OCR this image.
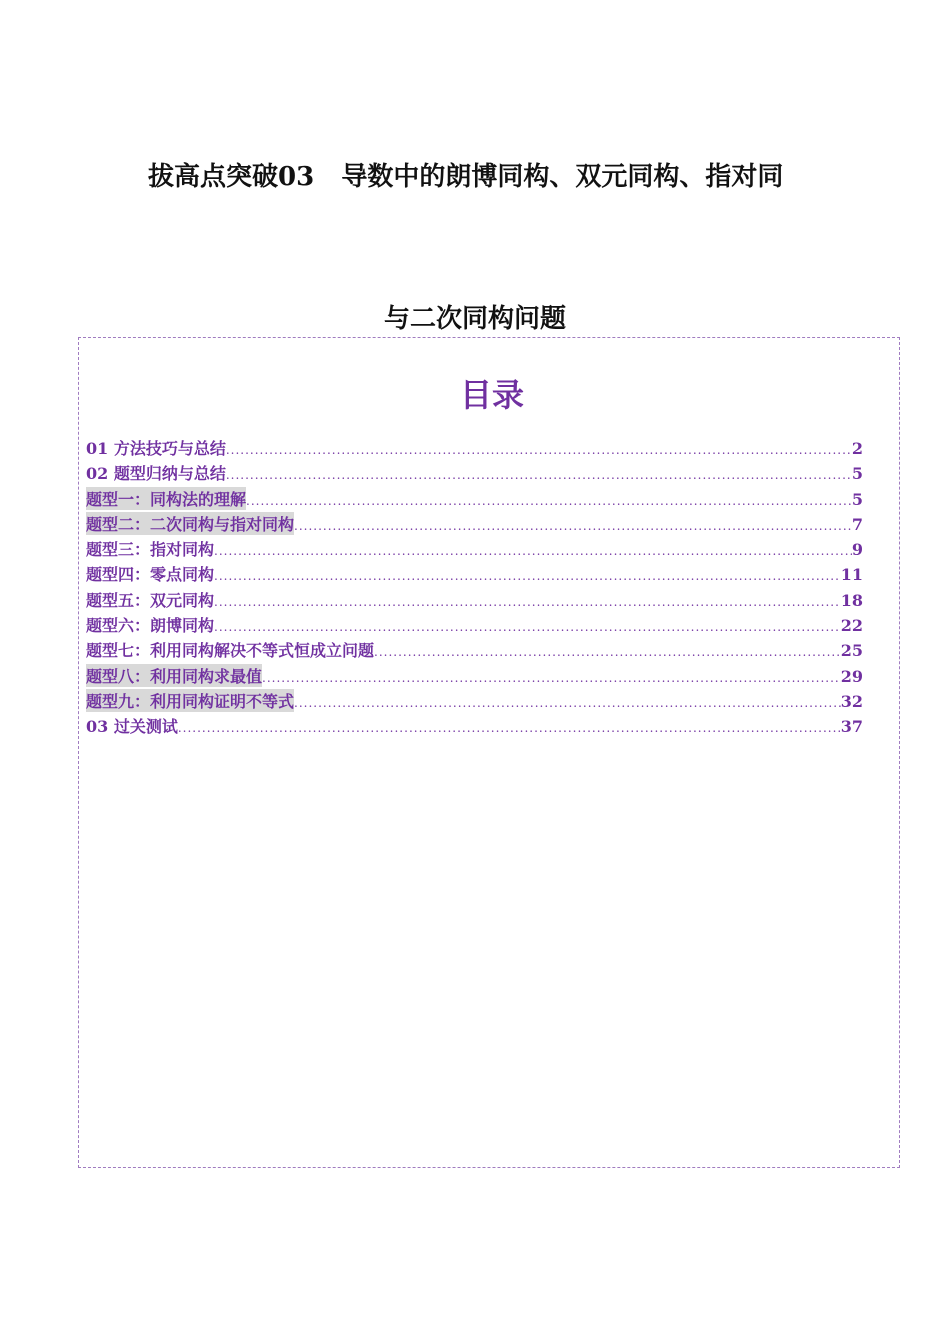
拔高点突破03 导数中的朗博同构、双元同构、指对同
与二次同构问题
目录
01 方法技巧与总结 .....	2
02 题型归纳与总结 .....	5
题型一：同构法的理解 .....	5
题型二：二次同构与指对同构 .....	7
题型三：指对同构 .....	9
题型四：零点同构 .....	11
题型五：双元同构 .....	18
题型六：朗博同构 .....	22
题型七：利用同构解决不等式恒成立问题 .....	25
题型八：利用同构求最值 .....	29
题型九：利用同构证明不等式 .....	32
03 过关测试 .....	37
